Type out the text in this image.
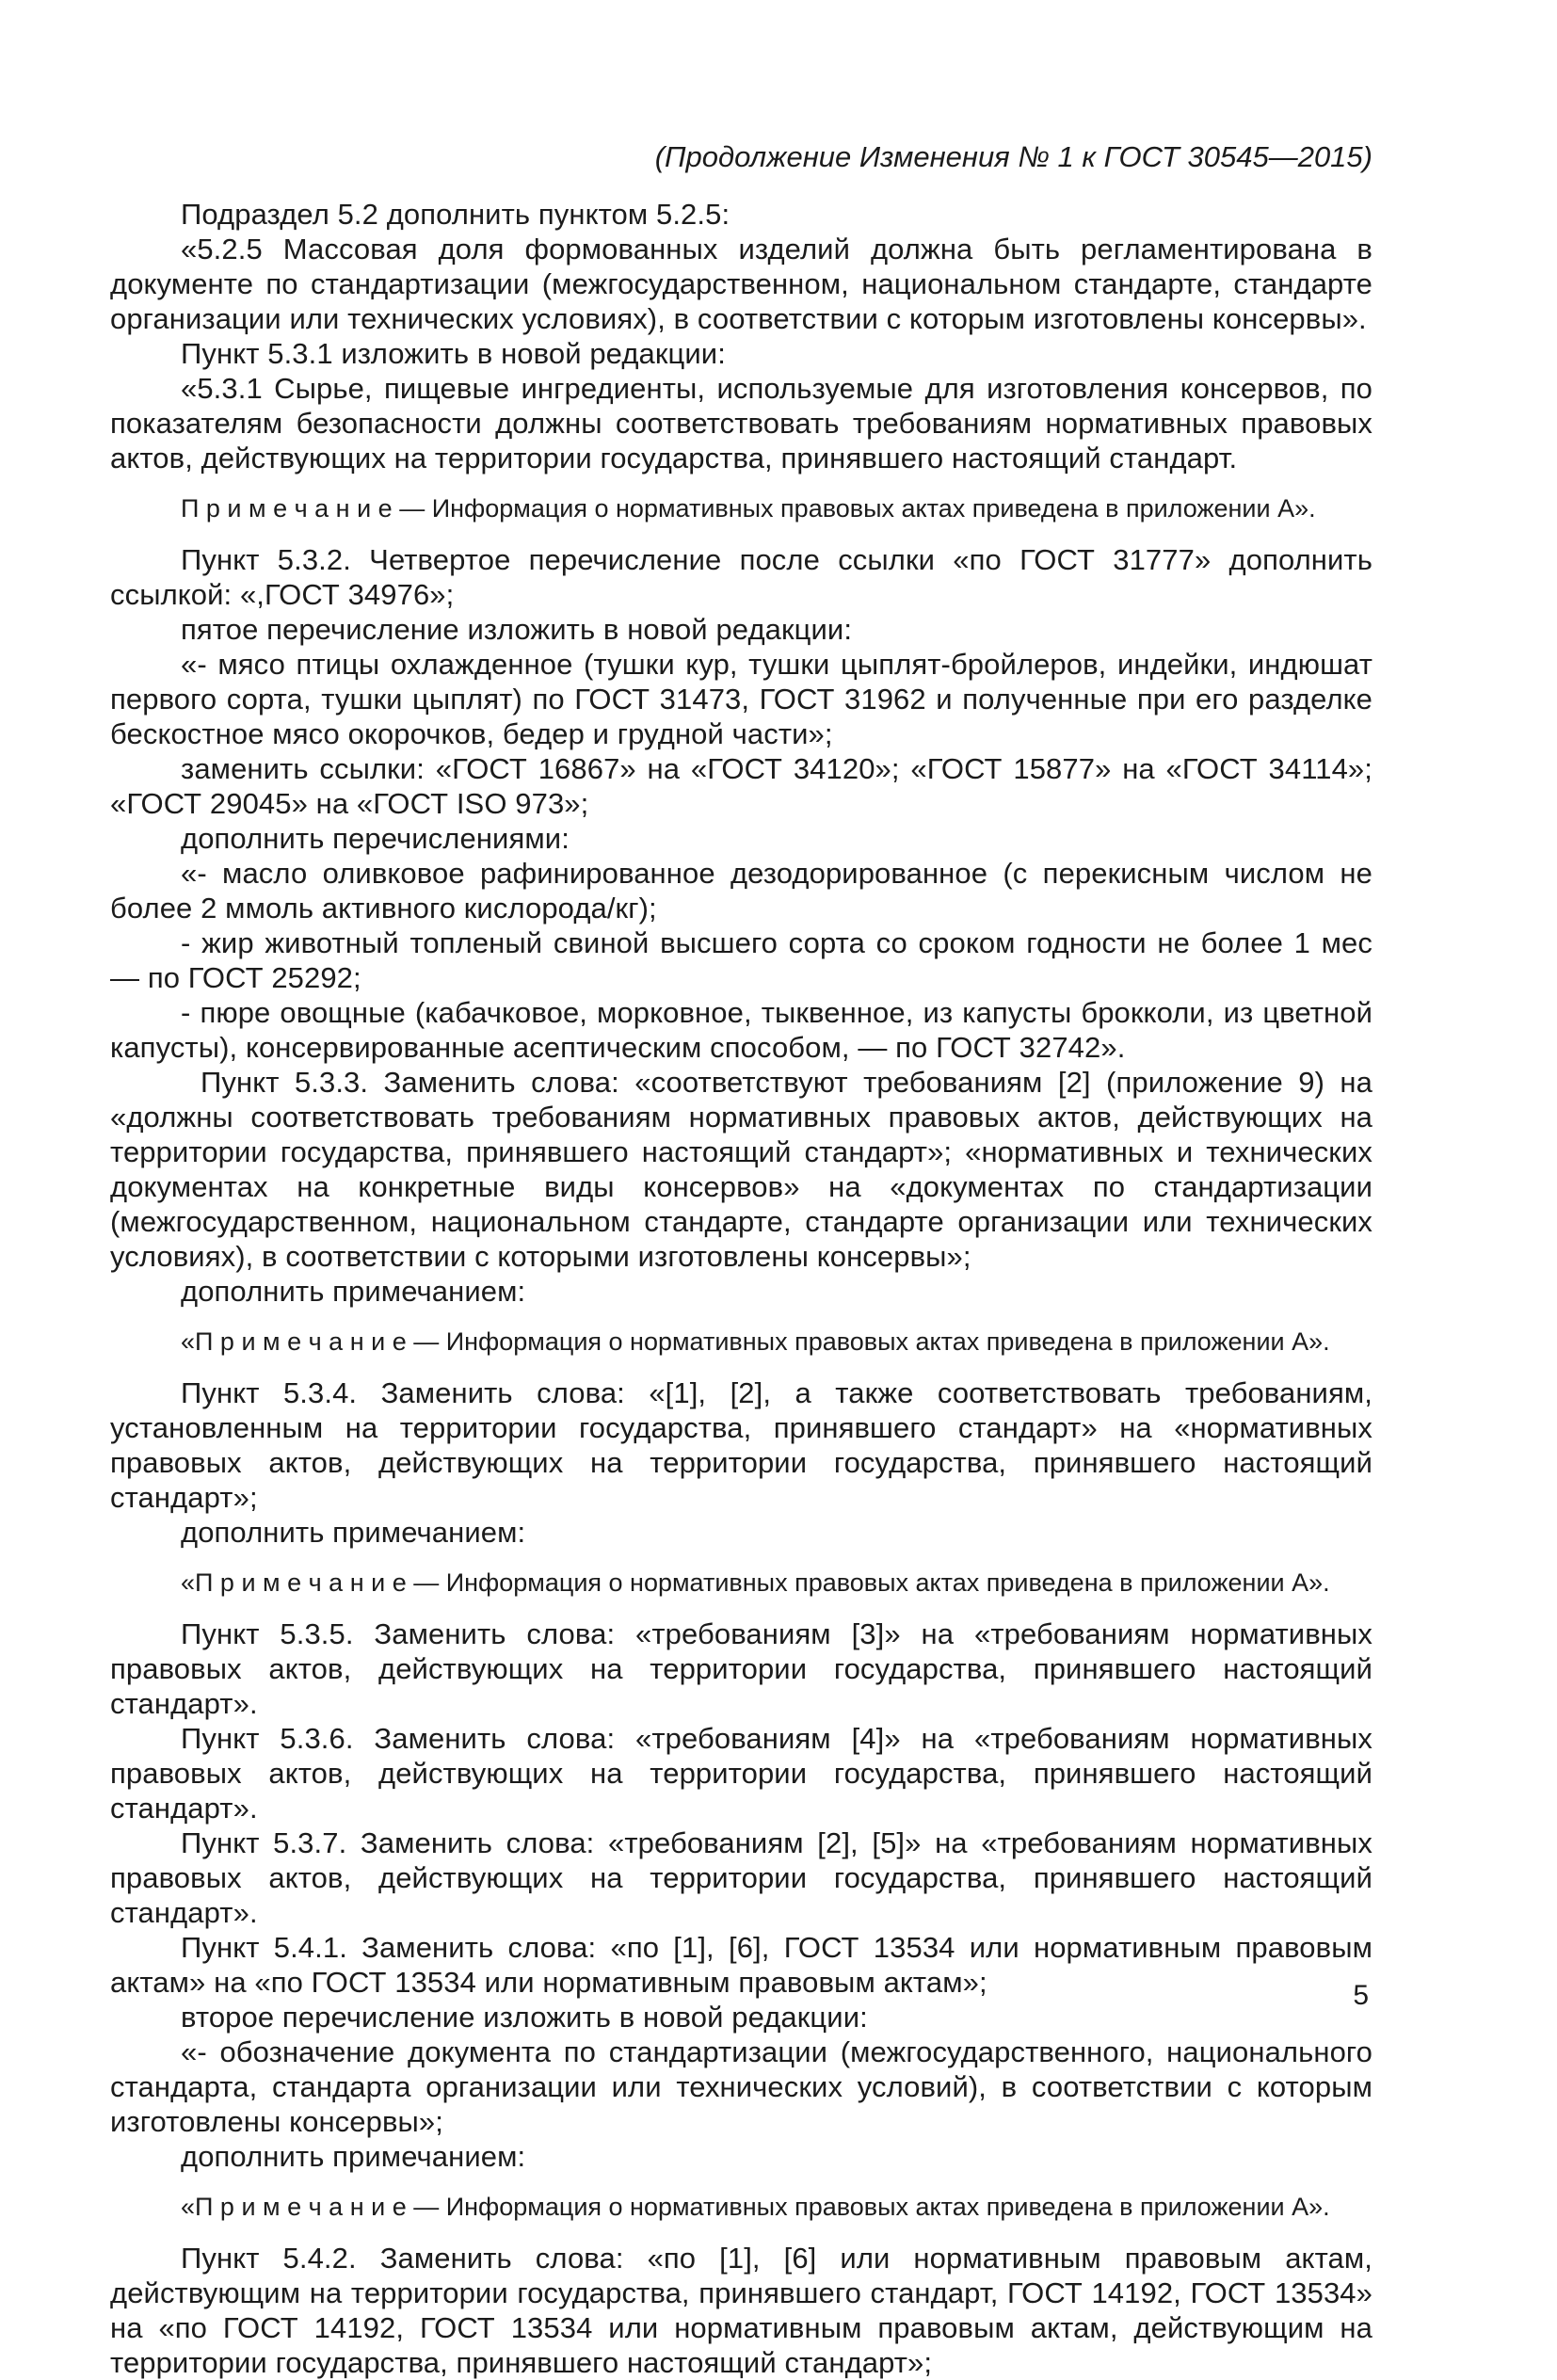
(Продолжение Изменения № 1 к ГОСТ 30545—2015)

Подраздел 5.2 дополнить пунктом 5.2.5:

«5.2.5 Массовая доля формованных изделий должна быть регламентирована в документе по стандартизации (межгосударственном, национальном стандарте, стандарте организации или технических условиях), в соответствии с которым изготовлены консервы».

Пункт 5.3.1 изложить в новой редакции:

«5.3.1 Сырье, пищевые ингредиенты, используемые для изготовления консервов, по показателям безопасности должны соответствовать требованиям нормативных правовых актов, действующих на территории государства, принявшего настоящий стандарт.

П р и м е ч а н и е — Информация о нормативных правовых актах приведена в приложении А».

Пункт 5.3.2. Четвертое перечисление после ссылки «по ГОСТ 31777» дополнить ссылкой: «,ГОСТ 34976»;

пятое перечисление изложить в новой редакции:

«- мясо птицы охлажденное (тушки кур, тушки цыплят-бройлеров, индейки, индюшат первого сорта, тушки цыплят) по ГОСТ 31473, ГОСТ 31962 и полученные при его разделке бескостное мясо окорочков, бедер и грудной части»;

заменить ссылки: «ГОСТ 16867» на «ГОСТ 34120»; «ГОСТ 15877» на «ГОСТ 34114»; «ГОСТ 29045» на «ГОСТ ISO 973»;

дополнить перечислениями:

«- масло оливковое рафинированное дезодорированное (с перекисным числом не более 2 ммоль активного кислорода/кг);

- жир животный топленый свиной высшего сорта со сроком годности не более 1 мес — по ГОСТ 25292;

- пюре овощные (кабачковое, морковное, тыквенное, из капусты брокколи, из цветной капусты), консервированные асептическим способом, — по ГОСТ 32742».

Пункт 5.3.3. Заменить слова: «соответствуют требованиям [2] (приложение 9) на «должны соответствовать требованиям нормативных правовых актов, действующих на территории государства, принявшего настоящий стандарт»; «нормативных и технических документах на конкретные виды консервов» на «документах по стандартизации (межгосударственном, национальном стандарте, стандарте организации или технических условиях), в соответствии с которыми изготовлены консервы»;

дополнить примечанием:

«П р и м е ч а н и е — Информация о нормативных правовых актах приведена в приложении А».

Пункт 5.3.4. Заменить слова: «[1], [2], а также соответствовать требованиям, установленным на территории государства, принявшего стандарт» на «нормативных правовых актов, действующих на территории государства, принявшего настоящий стандарт»;

дополнить примечанием:

«П р и м е ч а н и е — Информация о нормативных правовых актах приведена в приложении А».

Пункт 5.3.5. Заменить слова: «требованиям [3]» на «требованиям нормативных правовых актов, действующих на территории государства, принявшего настоящий стандарт».

Пункт 5.3.6. Заменить слова: «требованиям [4]» на «требованиям нормативных правовых актов, действующих на территории государства, принявшего настоящий стандарт».

Пункт 5.3.7. Заменить слова: «требованиям [2], [5]» на «требованиям нормативных правовых актов, действующих на территории государства, принявшего настоящий стандарт».

Пункт 5.4.1. Заменить слова: «по [1], [6], ГОСТ 13534 или нормативным правовым актам» на «по ГОСТ 13534 или нормативным правовым актам»;

второе перечисление изложить в новой редакции:

«- обозначение документа по стандартизации (межгосударственного, национального стандарта, стандарта организации или технических условий), в соответствии с которым изготовлены консервы»;

дополнить примечанием:

«П р и м е ч а н и е — Информация о нормативных правовых актах приведена в приложении А».

Пункт 5.4.2. Заменить слова: «по [1], [6] или нормативным правовым актам, действующим на территории государства, принявшего стандарт, ГОСТ 14192, ГОСТ 13534» на «по ГОСТ 14192, ГОСТ 13534 или нормативным правовым актам, действующим на территории государства, принявшего настоящий стандарт»;

5
